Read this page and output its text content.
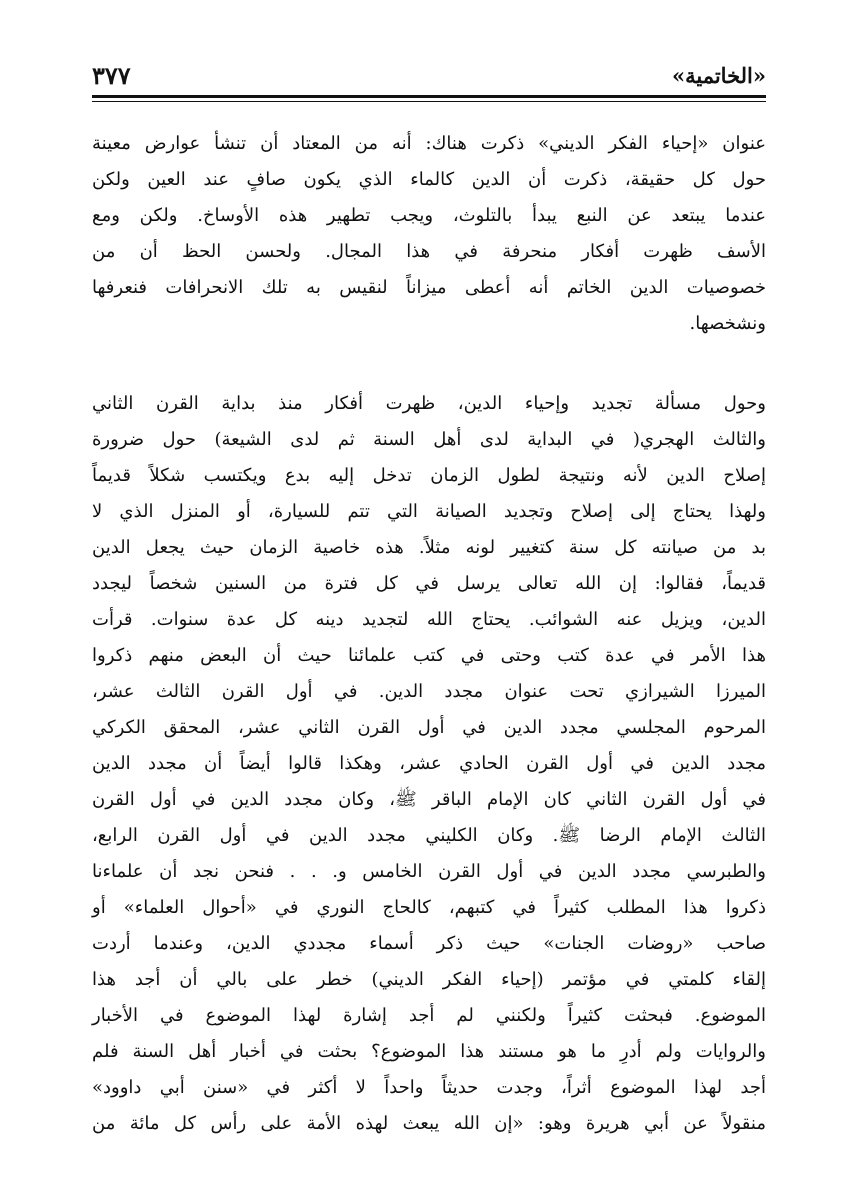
«الخاتمية»
٣٧٧
عنوان «إحياء الفكر الديني» ذكرت هناك: أنه من المعتاد أن تنشأ عوارض معينة
حول كل حقيقة، ذكرت أن الدين كالماء الذي يكون صافٍ عند العين ولكن
عندما يبتعد عن النبع يبدأ بالتلوث، ويجب تطهير هذه الأوساخ. ولكن ومع
الأسف ظهرت أفكار منحرفة في هذا المجال. ولحسن الحظ أن من
خصوصيات الدين الخاتم أنه أعطى ميزاناً لنقيس به تلك الانحرافات فنعرفها
ونشخصها.
وحول مسألة تجديد وإحياء الدين، ظهرت أفكار منذ بداية القرن الثاني
والثالث الهجري( في البداية لدى أهل السنة ثم لدى الشيعة) حول ضرورة
إصلاح الدين لأنه ونتيجة لطول الزمان تدخل إليه بدع ويكتسب شكلاً قديماً
ولهذا يحتاج إلى إصلاح وتجديد الصيانة التي تتم للسيارة، أو المنزل الذي لا
بد من صيانته كل سنة كتغيير لونه مثلاً. هذه خاصية الزمان حيث يجعل الدين
قديماً، فقالوا: إن الله تعالى يرسل في كل فترة من السنين شخصاً ليجدد
الدين، ويزيل عنه الشوائب. يحتاج الله لتجديد دينه كل عدة سنوات. قرأت
هذا الأمر في عدة كتب وحتى في كتب علمائنا حيث أن البعض منهم ذكروا
الميرزا الشيرازي تحت عنوان مجدد الدين. في أول القرن الثالث عشر،
المرحوم المجلسي مجدد الدين في أول القرن الثاني عشر، المحقق الكركي
مجدد الدين في أول القرن الحادي عشر، وهكذا قالوا أيضاً أن مجدد الدين
في أول القرن الثاني كان الإمام الباقر ﷺ، وكان مجدد الدين في أول القرن
الثالث الإمام الرضا ﷺ. وكان الكليني مجدد الدين في أول القرن الرابع،
والطبرسي مجدد الدين في أول القرن الخامس و. . . فنحن نجد أن علماءنا
ذكروا هذا المطلب كثيراً في كتبهم، كالحاج النوري في «أحوال العلماء» أو
صاحب «روضات الجنات» حيث ذكر أسماء مجددي الدين، وعندما أردت
إلقاء كلمتي في مؤتمر (إحياء الفكر الديني) خطر على بالي أن أجد هذا
الموضوع. فبحثت كثيراً ولكنني لم أجد إشارة لهذا الموضوع في الأخبار
والروايات ولم أدرِ ما هو مستند هذا الموضوع؟ بحثت في أخبار أهل السنة فلم
أجد لهذا الموضوع أثراً، وجدت حديثاً واحداً لا أكثر في «سنن أبي داوود»
منقولاً عن أبي هريرة وهو: «إن الله يبعث لهذه الأمة على رأس كل مائة من
